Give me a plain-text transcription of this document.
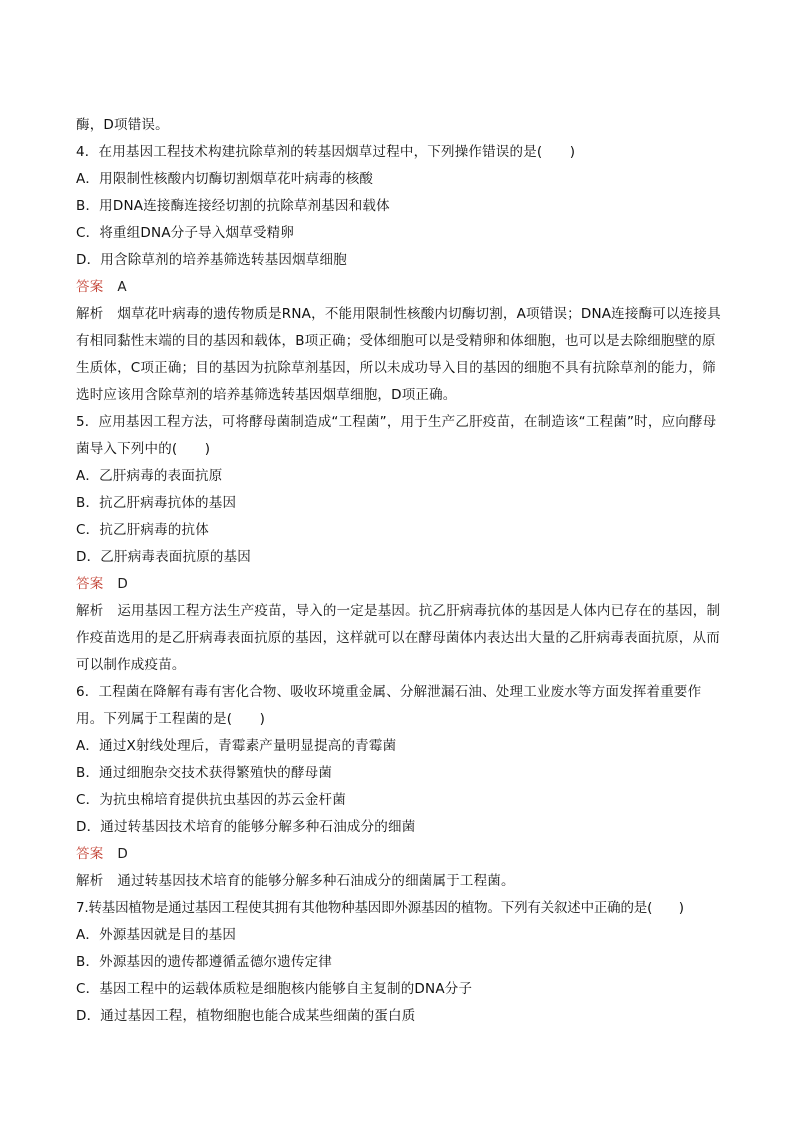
酶，D项错误。
4．在用基因工程技术构建抗除草剂的转基因烟草过程中，下列操作错误的是(　　)
A．用限制性核酸内切酶切割烟草花叶病毒的核酸
B．用DNA连接酶连接经切割的抗除草剂基因和载体
C．将重组DNA分子导入烟草受精卵
D．用含除草剂的培养基筛选转基因烟草细胞
答案 A
解析 烟草花叶病毒的遗传物质是RNA，不能用限制性核酸内切酶切割，A项错误；DNA连接酶可以连接具有相同黏性末端的目的基因和载体，B项正确；受体细胞可以是受精卵和体细胞，也可以是去除细胞壁的原生质体，C项正确；目的基因为抗除草剂基因，所以未成功导入目的基因的细胞不具有抗除草剂的能力，筛选时应该用含除草剂的培养基筛选转基因烟草细胞，D项正确。
5．应用基因工程方法，可将酵母菌制造成“工程菌”，用于生产乙肝疫苗，在制造该“工程菌”时，应向酵母菌导入下列中的(　　)
A．乙肝病毒的表面抗原
B．抗乙肝病毒抗体的基因
C．抗乙肝病毒的抗体
D．乙肝病毒表面抗原的基因
答案 D
解析 运用基因工程方法生产疫苗，导入的一定是基因。抗乙肝病毒抗体的基因是人体内已存在的基因，制作疫苗选用的是乙肝病毒表面抗原的基因，这样就可以在酵母菌体内表达出大量的乙肝病毒表面抗原，从而可以制作成疫苗。
6．工程菌在降解有毒有害化合物、吸收环境重金属、分解泄漏石油、处理工业废水等方面发挥着重要作用。下列属于工程菌的是(　　)
A．通过X射线处理后，青霉素产量明显提高的青霉菌
B．通过细胞杂交技术获得繁殖快的酵母菌
C．为抗虫棉培育提供抗虫基因的苏云金杆菌
D．通过转基因技术培育的能够分解多种石油成分的细菌
答案 D
解析 通过转基因技术培育的能够分解多种石油成分的细菌属于工程菌。
7.转基因植物是通过基因工程使其拥有其他物种基因即外源基因的植物。下列有关叙述中正确的是(　　)
A．外源基因就是目的基因
B．外源基因的遗传都遵循孟德尔遗传定律
C．基因工程中的运载体质粒是细胞核内能够自主复制的DNA分子
D．通过基因工程，植物细胞也能合成某些细菌的蛋白质
